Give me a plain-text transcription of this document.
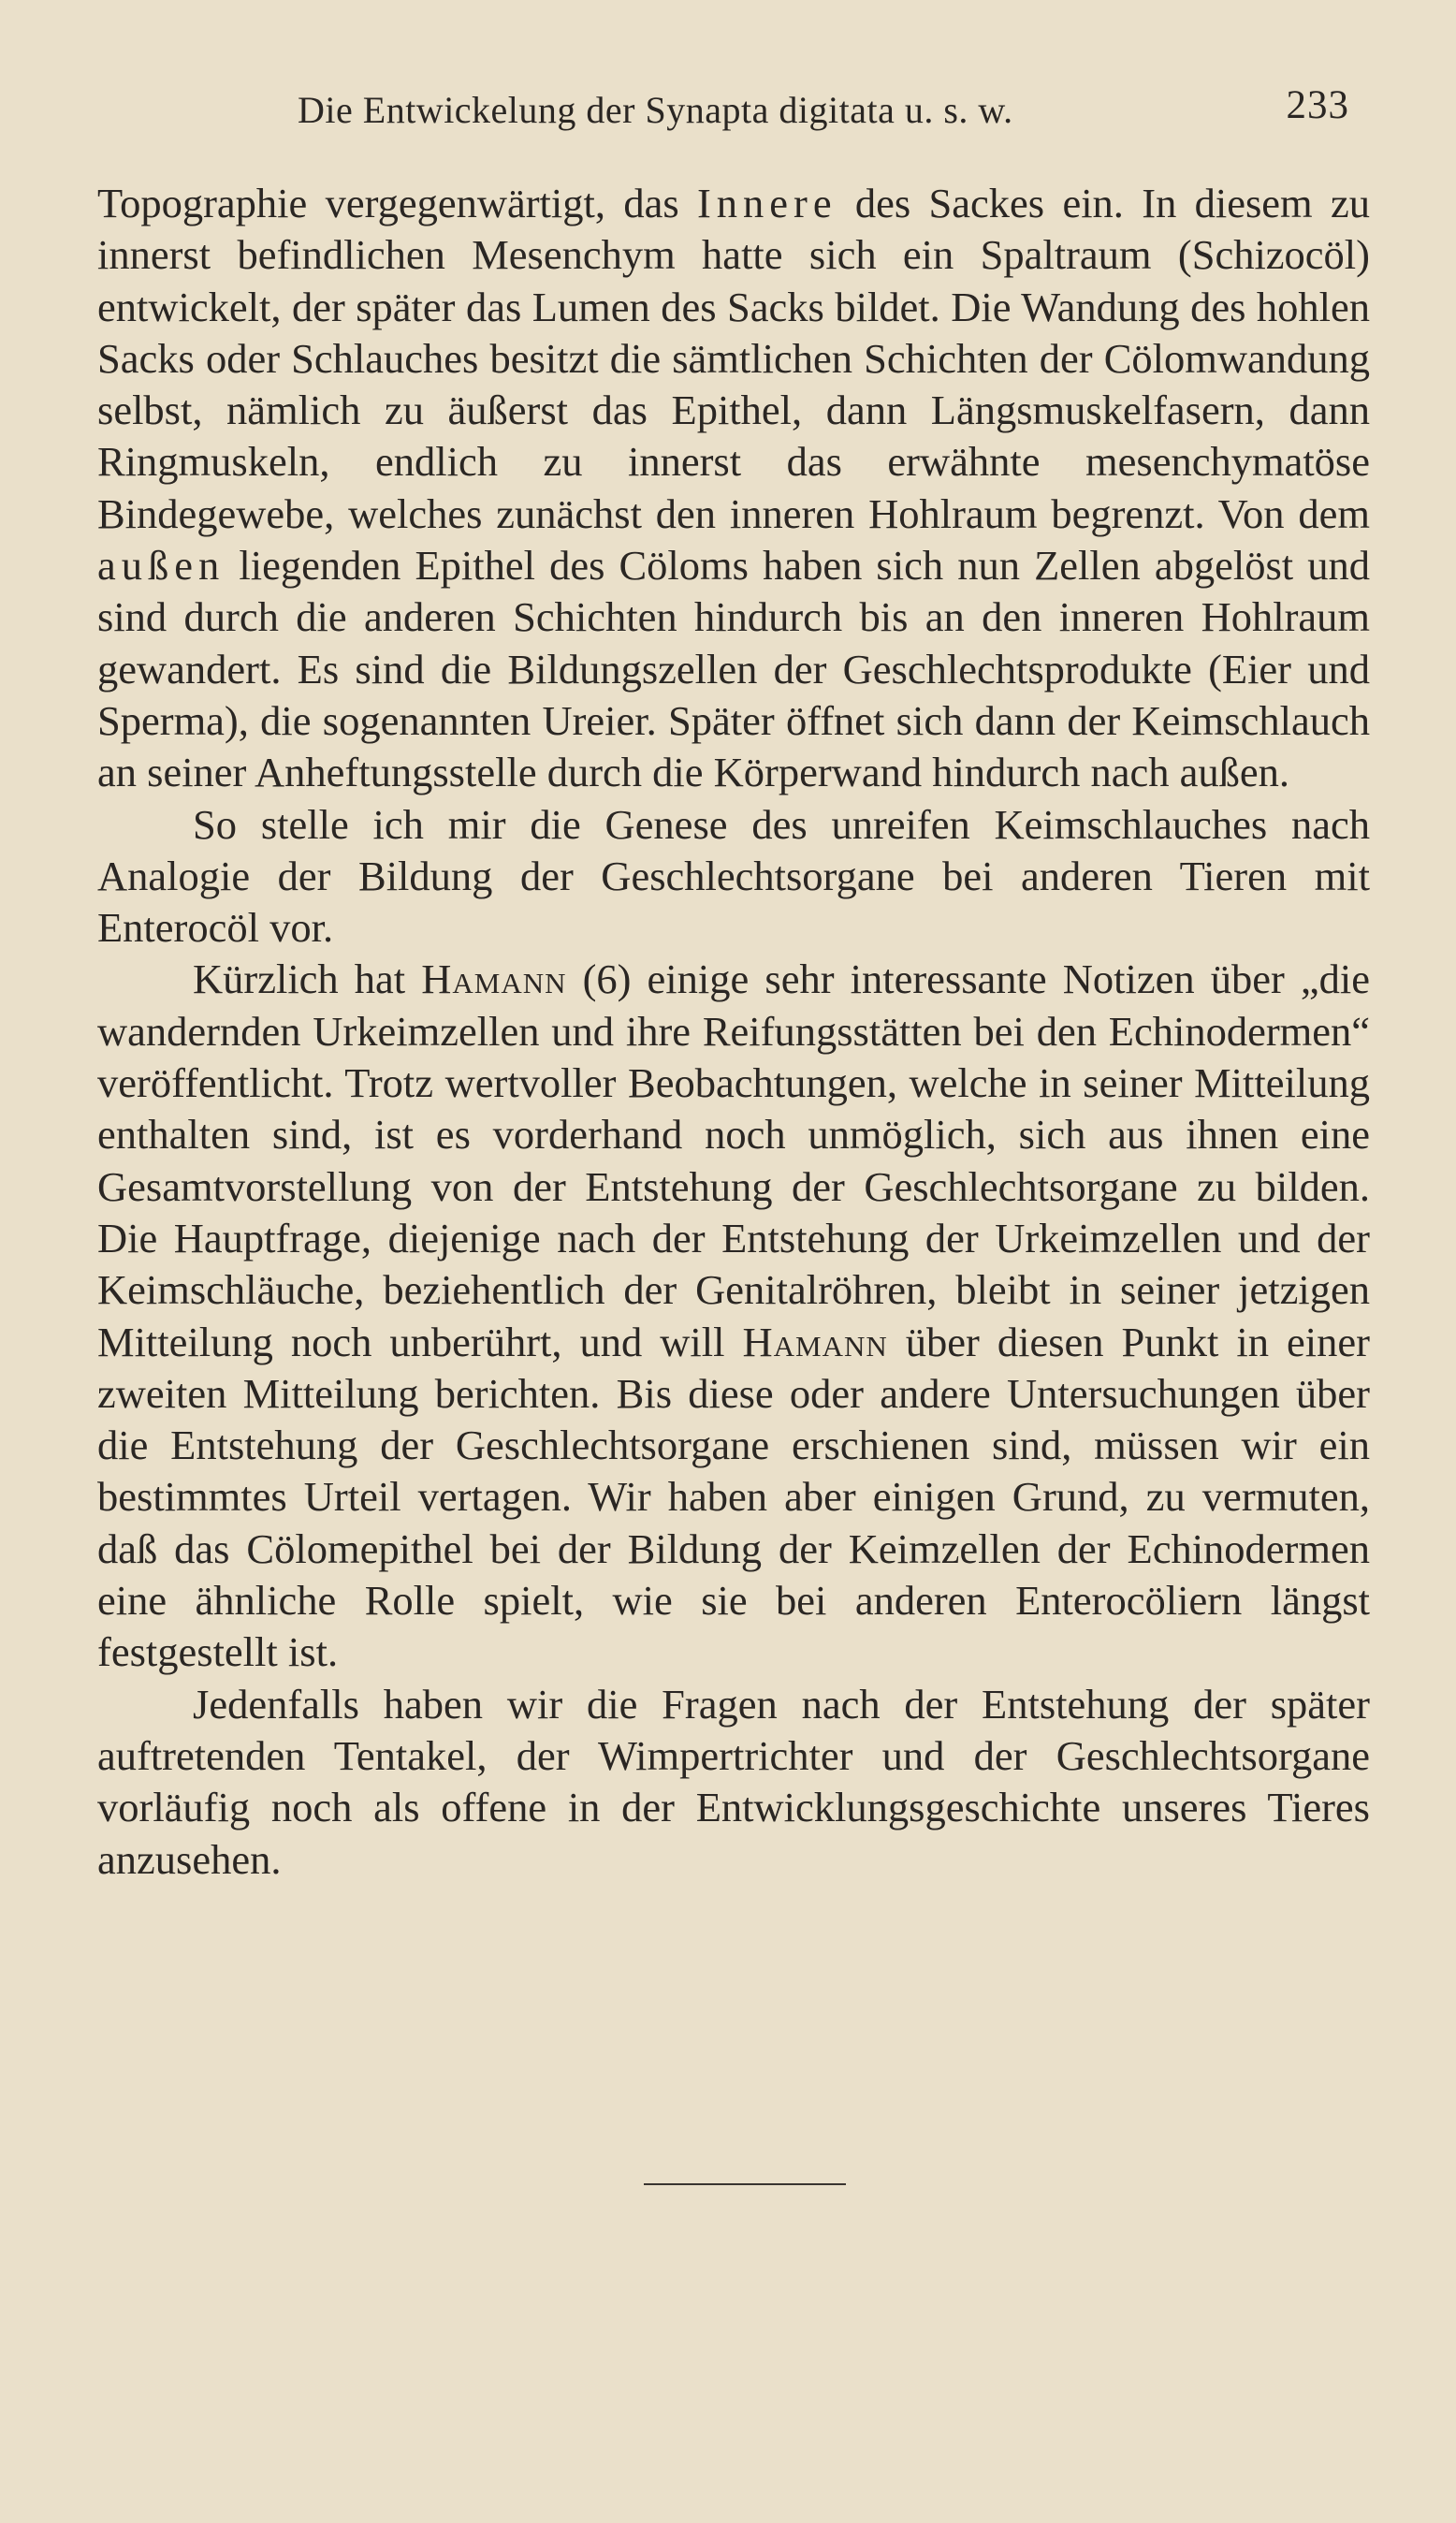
Die Entwickelung der Synapta digitata u. s. w.	233

Topographie vergegenwärtigt, das Innere des Sackes ein. In diesem zu innerst befindlichen Mesenchym hatte sich ein Spaltraum (Schizocöl) entwickelt, der später das Lumen des Sacks bildet. Die Wandung des hohlen Sacks oder Schlauches besitzt die sämtlichen Schichten der Cölomwandung selbst, nämlich zu äußerst das Epithel, dann Längsmuskelfasern, dann Ringmuskeln, endlich zu innerst das erwähnte mesenchymatöse Bindegewebe, welches zunächst den inneren Hohlraum begrenzt. Von dem außen liegenden Epithel des Cöloms haben sich nun Zellen abgelöst und sind durch die anderen Schichten hindurch bis an den inneren Hohlraum gewandert. Es sind die Bildungszellen der Geschlechtsprodukte (Eier und Sperma), die sogenannten Ureier. Später öffnet sich dann der Keimschlauch an seiner Anheftungsstelle durch die Körperwand hindurch nach außen.

So stelle ich mir die Genese des unreifen Keimschlauches nach Analogie der Bildung der Geschlechtsorgane bei anderen Tieren mit Enterocöl vor.

Kürzlich hat Hamann (6) einige sehr interessante Notizen über „die wandernden Urkeimzellen und ihre Reifungsstätten bei den Echinodermen“ veröffentlicht. Trotz wertvoller Beobachtungen, welche in seiner Mitteilung enthalten sind, ist es vorderhand noch unmöglich, sich aus ihnen eine Gesamtvorstellung von der Entstehung der Geschlechtsorgane zu bilden. Die Hauptfrage, diejenige nach der Entstehung der Urkeimzellen und der Keimschläuche, beziehentlich der Genitalröhren, bleibt in seiner jetzigen Mitteilung noch unberührt, und will Hamann über diesen Punkt in einer zweiten Mitteilung berichten. Bis diese oder andere Untersuchungen über die Entstehung der Geschlechtsorgane erschienen sind, müssen wir ein bestimmtes Urteil vertagen. Wir haben aber einigen Grund, zu vermuten, daß das Cölomepithel bei der Bildung der Keimzellen der Echinodermen eine ähnliche Rolle spielt, wie sie bei anderen Enterocöliern längst festgestellt ist.

Jedenfalls haben wir die Fragen nach der Entstehung der später auftretenden Tentakel, der Wimpertrichter und der Geschlechtsorgane vorläufig noch als offene in der Entwicklungsgeschichte unseres Tieres anzusehen.
